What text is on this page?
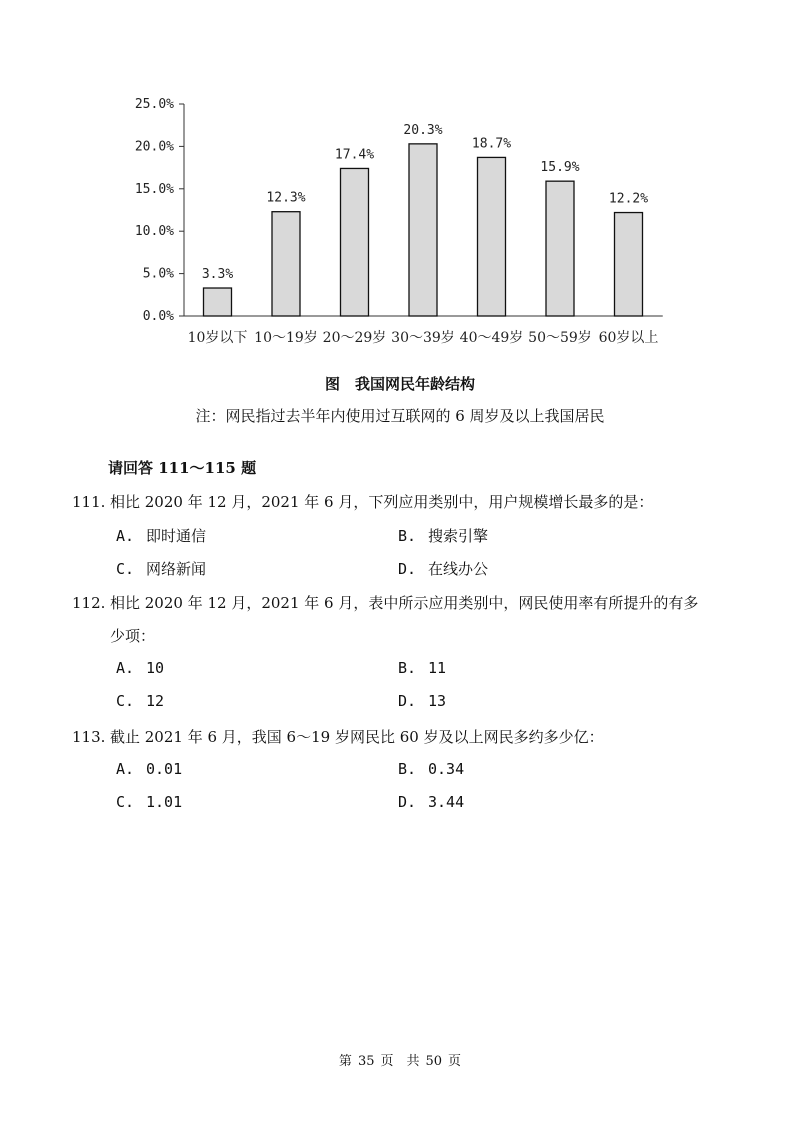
0.0%
5.0%
10.0%
15.0%
20.0%
25.0%
3.3%
12.3%
17.4%
20.3%
18.7%
15.9%
12.2%
10岁以下 10～19岁 20～29岁 30～39岁 40～49岁 50～59岁 60岁以上
图　我国网民年龄结构
注：网民指过去半年内使用过互联网的 6 周岁及以上我国居民
请回答 111～115 题
111. 相比 2020 年 12 月，2021 年 6 月，下列应用类别中，用户规模增长最多的是：
A. 即时通信	B. 搜索引擎
C. 网络新闻	D. 在线办公
112. 相比 2020 年 12 月，2021 年 6 月，表中所示应用类别中，网民使用率有所提升的有多
少项：
A. 10	B. 11
C. 12	D. 13
113. 截止 2021 年 6 月，我国 6～19 岁网民比 60 岁及以上网民多约多少亿：
A. 0.01	B. 0.34
C. 1.01	D. 3.44
第 35 页　共 50 页
